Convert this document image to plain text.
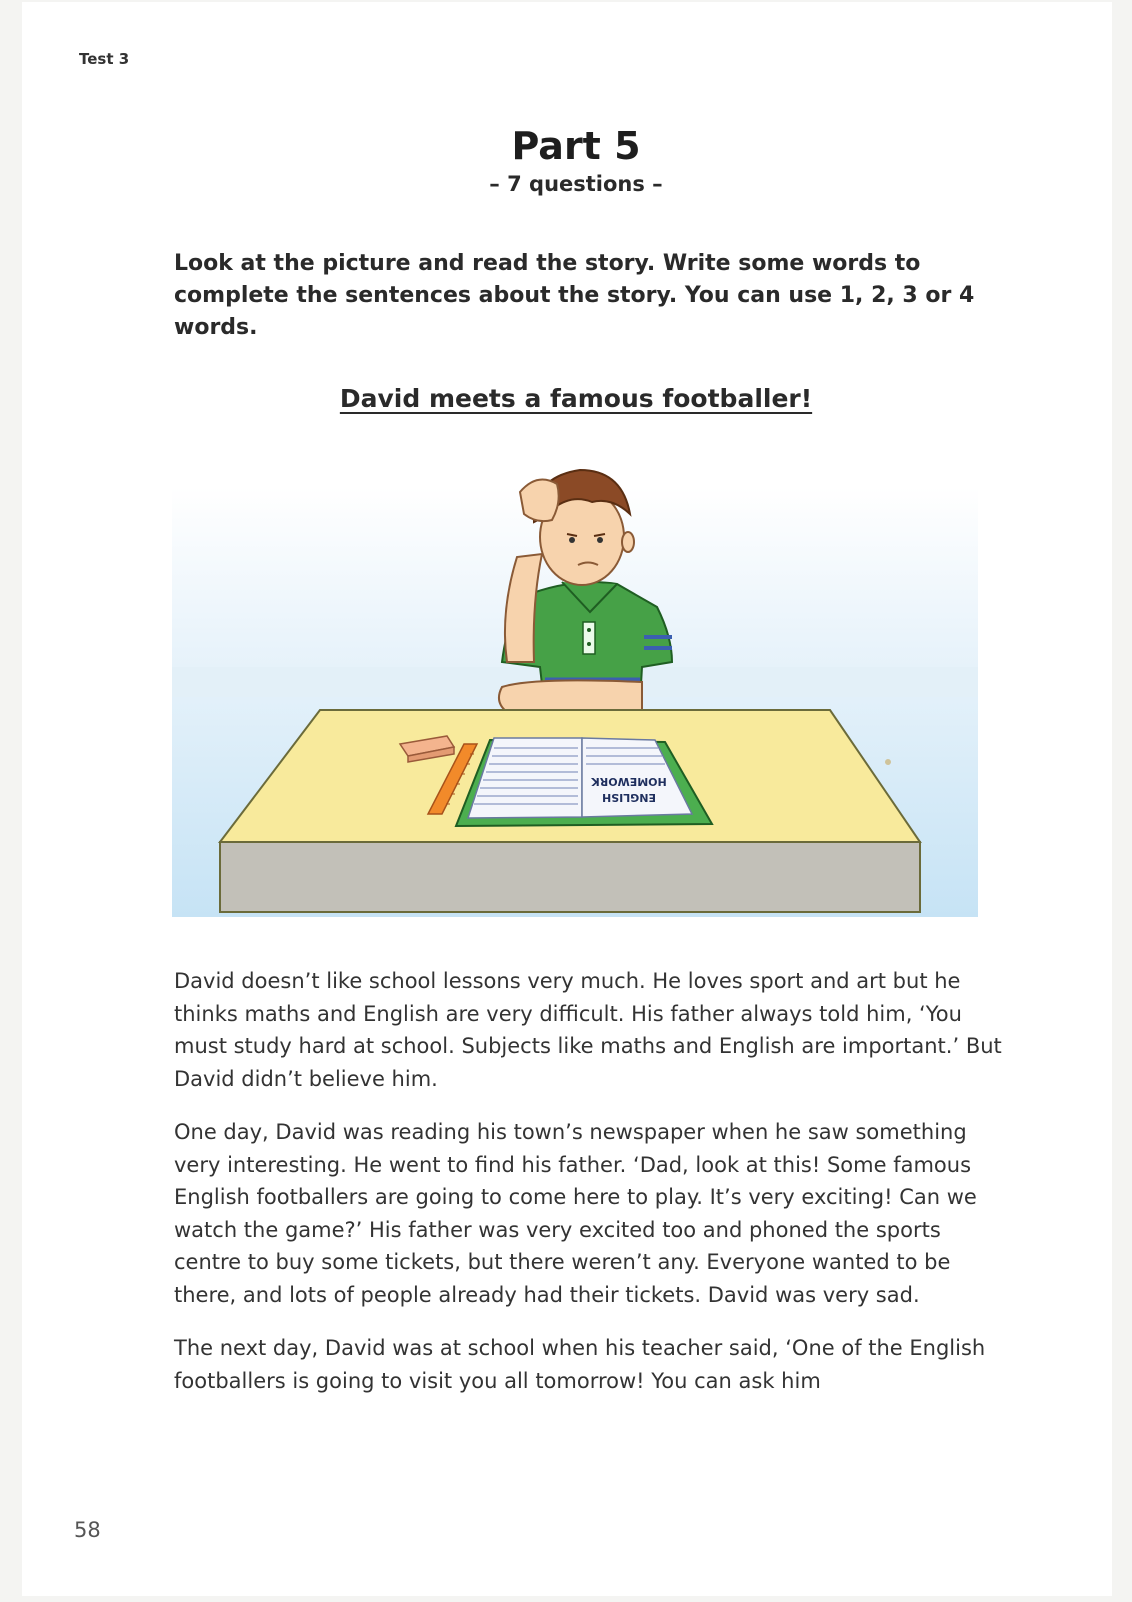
Test 3
Part 5
– 7 questions –
Look at the picture and read the story. Write some words to complete the sentences about the story. You can use 1, 2, 3 or 4 words.
David meets a famous footballer!
ENGLISH
HOMEWORK

David doesn’t like school lessons very much. He loves sport and art but he thinks maths and English are very difficult. His father always told him, ‘You must study hard at school. Subjects like maths and English are important.’ But David didn’t believe him.

One day, David was reading his town’s newspaper when he saw something very interesting. He went to find his father. ‘Dad, look at this! Some famous English footballers are going to come here to play. It’s very exciting! Can we watch the game?’ His father was very excited too and phoned the sports centre to buy some tickets, but there weren’t any. Everyone wanted to be there, and lots of people already had their tickets. David was very sad.

The next day, David was at school when his teacher said, ‘One of the English footballers is going to visit you all tomorrow! You can ask him

58
